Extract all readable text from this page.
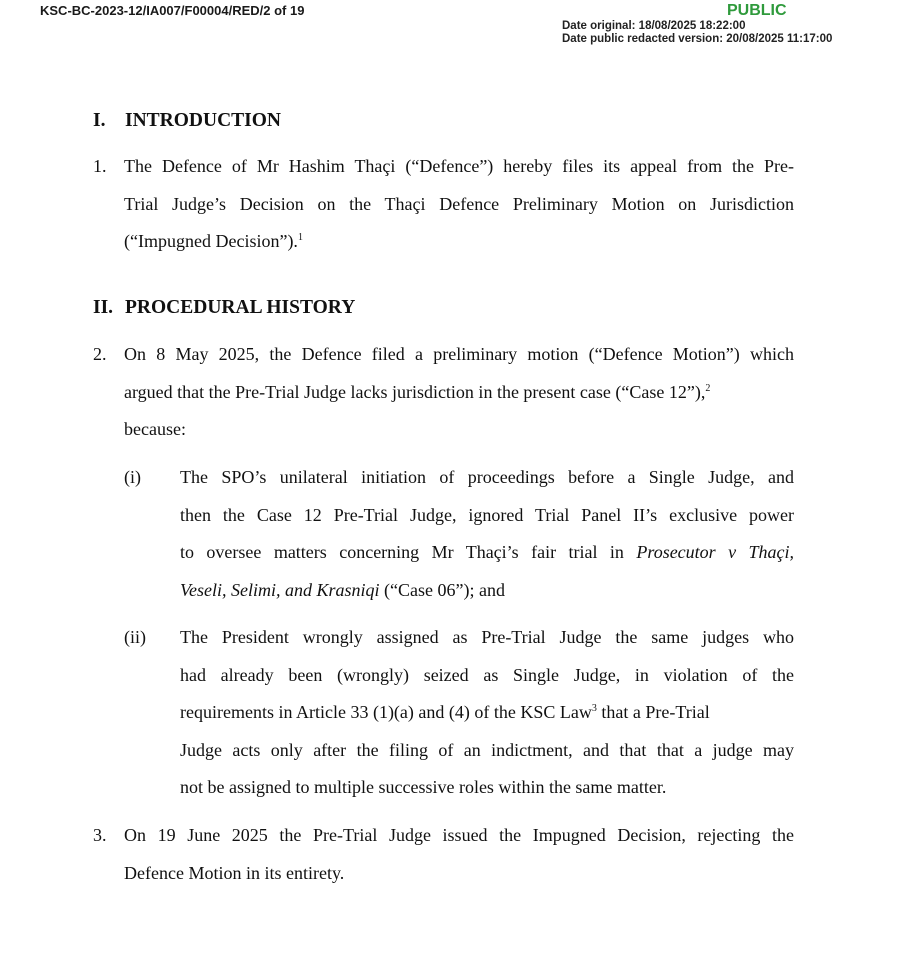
KSC-BC-2023-12/IA007/F00004/RED/2 of 19	PUBLIC
Date original: 18/08/2025 18:22:00
Date public redacted version: 20/08/2025 11:17:00
I. INTRODUCTION
1. The Defence of Mr Hashim Thaçi (“Defence”) hereby files its appeal from the Pre-
Trial Judge’s Decision on the Thaçi Defence Preliminary Motion on Jurisdiction
(“Impugned Decision”).$^1$
II. PROCEDURAL HISTORY
2. On 8 May 2025, the Defence filed a preliminary motion (“Defence Motion”) which
argued that the Pre-Trial Judge lacks jurisdiction in the present case (“Case 12”),$^2$
because:
(i) The SPO’s unilateral initiation of proceedings before a Single Judge, and
then the Case 12 Pre-Trial Judge, ignored Trial Panel II’s exclusive power
to oversee matters concerning Mr Thaçi’s fair trial in Prosecutor v Thaçi,
Veseli, Selimi, and Krasniqi (“Case 06”); and
(ii) The President wrongly assigned as Pre-Trial Judge the same judges who
had already been (wrongly) seized as Single Judge, in violation of the
requirements in Article 33 (1)(a) and (4) of the KSC Law$^3$ that a Pre-Trial
Judge acts only after the filing of an indictment, and that that a judge may
not be assigned to multiple successive roles within the same matter.
3. On 19 June 2025 the Pre-Trial Judge issued the Impugned Decision, rejecting the
Defence Motion in its entirety.
